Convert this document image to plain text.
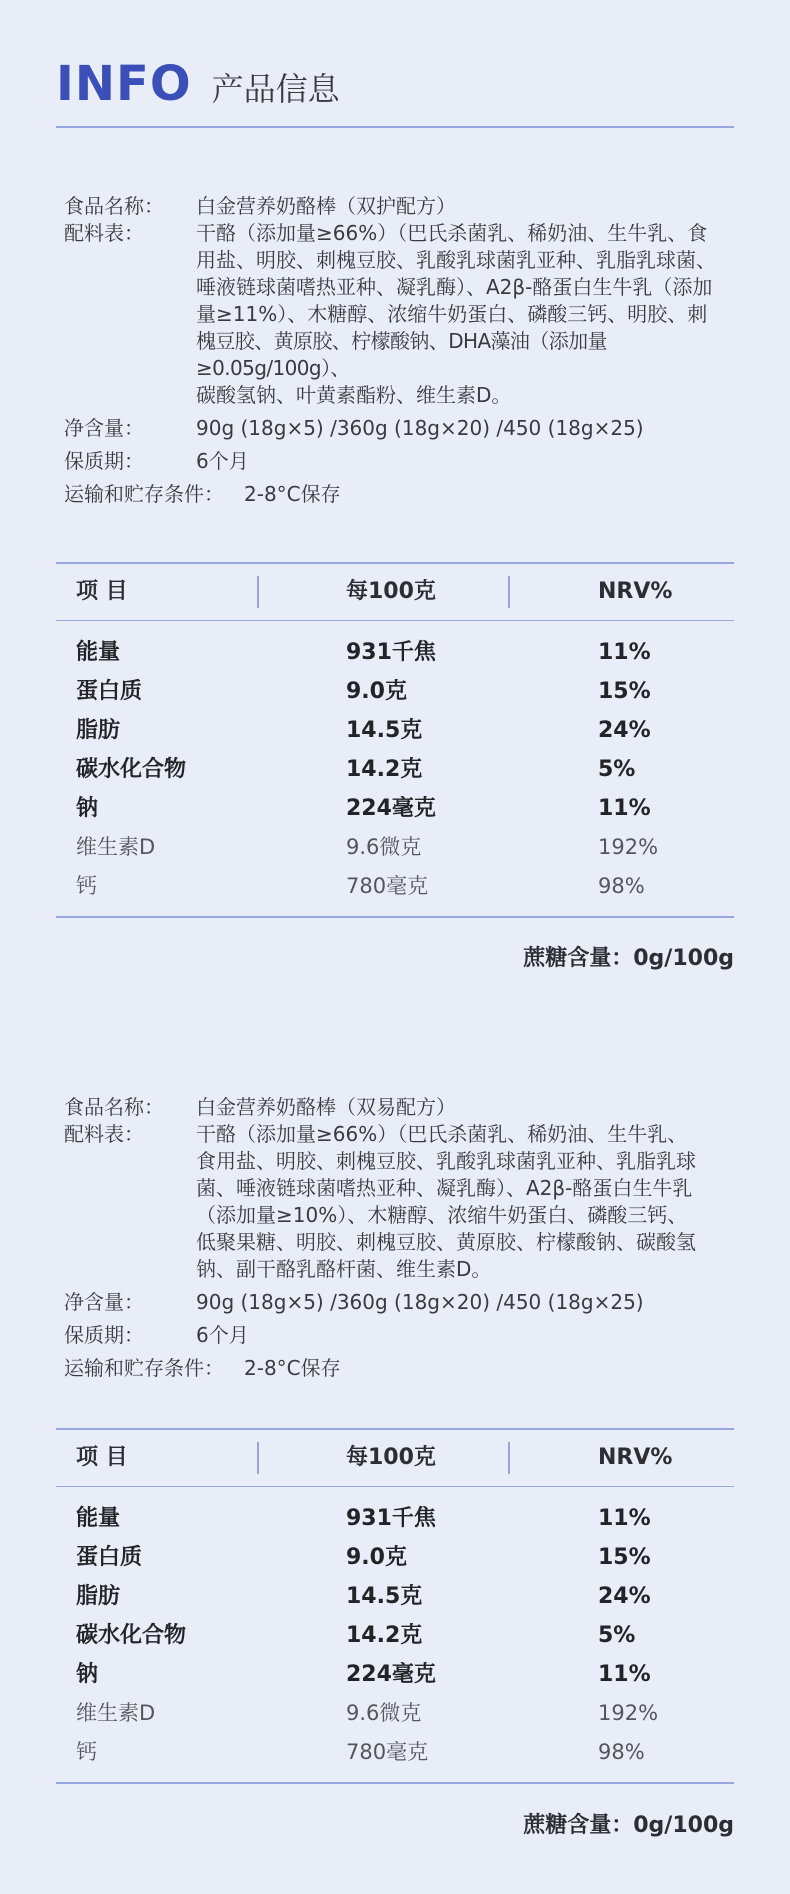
INFO 产品信息
食品名称：	白金营养奶酪棒（双护配方）
配料表：	干酪（添加量≥66%）（巴氏杀菌乳、稀奶油、生牛乳、食
用盐、明胶、刺槐豆胶、乳酸乳球菌乳亚种、乳脂乳球菌、
唾液链球菌嗜热亚种、凝乳酶）、A2β-酪蛋白生牛乳（添加
量≥11%）、木糖醇、浓缩牛奶蛋白、磷酸三钙、明胶、刺
槐豆胶、黄原胶、柠檬酸钠、DHA藻油（添加量≥0.05g/100g）、
碳酸氢钠、叶黄素酯粉、维生素D。
净含量：	90g (18g×5) /360g (18g×20) /450 (18g×25)
保质期：	6个月
运输和贮存条件： 2-8°C保存
项 目	每100克	NRV%
能量	931千焦	11%
蛋白质	9.0克	15%
脂肪	14.5克	24%
碳水化合物	14.2克	5%
钠	224毫克	11%
维生素D	9.6微克	192%
钙	780毫克	98%
蔗糖含量：0g/100g
食品名称：	白金营养奶酪棒（双易配方）
配料表：	干酪（添加量≥66%）（巴氏杀菌乳、稀奶油、生牛乳、
食用盐、明胶、刺槐豆胶、乳酸乳球菌乳亚种、乳脂乳球
菌、唾液链球菌嗜热亚种、凝乳酶）、A2β-酪蛋白生牛乳
（添加量≥10%）、木糖醇、浓缩牛奶蛋白、磷酸三钙、
低聚果糖、明胶、刺槐豆胶、黄原胶、柠檬酸钠、碳酸氢
钠、副干酪乳酪杆菌、维生素D。
净含量：	90g (18g×5) /360g (18g×20) /450 (18g×25)
保质期：	6个月
运输和贮存条件： 2-8°C保存
项 目	每100克	NRV%
能量	931千焦	11%
蛋白质	9.0克	15%
脂肪	14.5克	24%
碳水化合物	14.2克	5%
钠	224毫克	11%
维生素D	9.6微克	192%
钙	780毫克	98%
蔗糖含量：0g/100g
